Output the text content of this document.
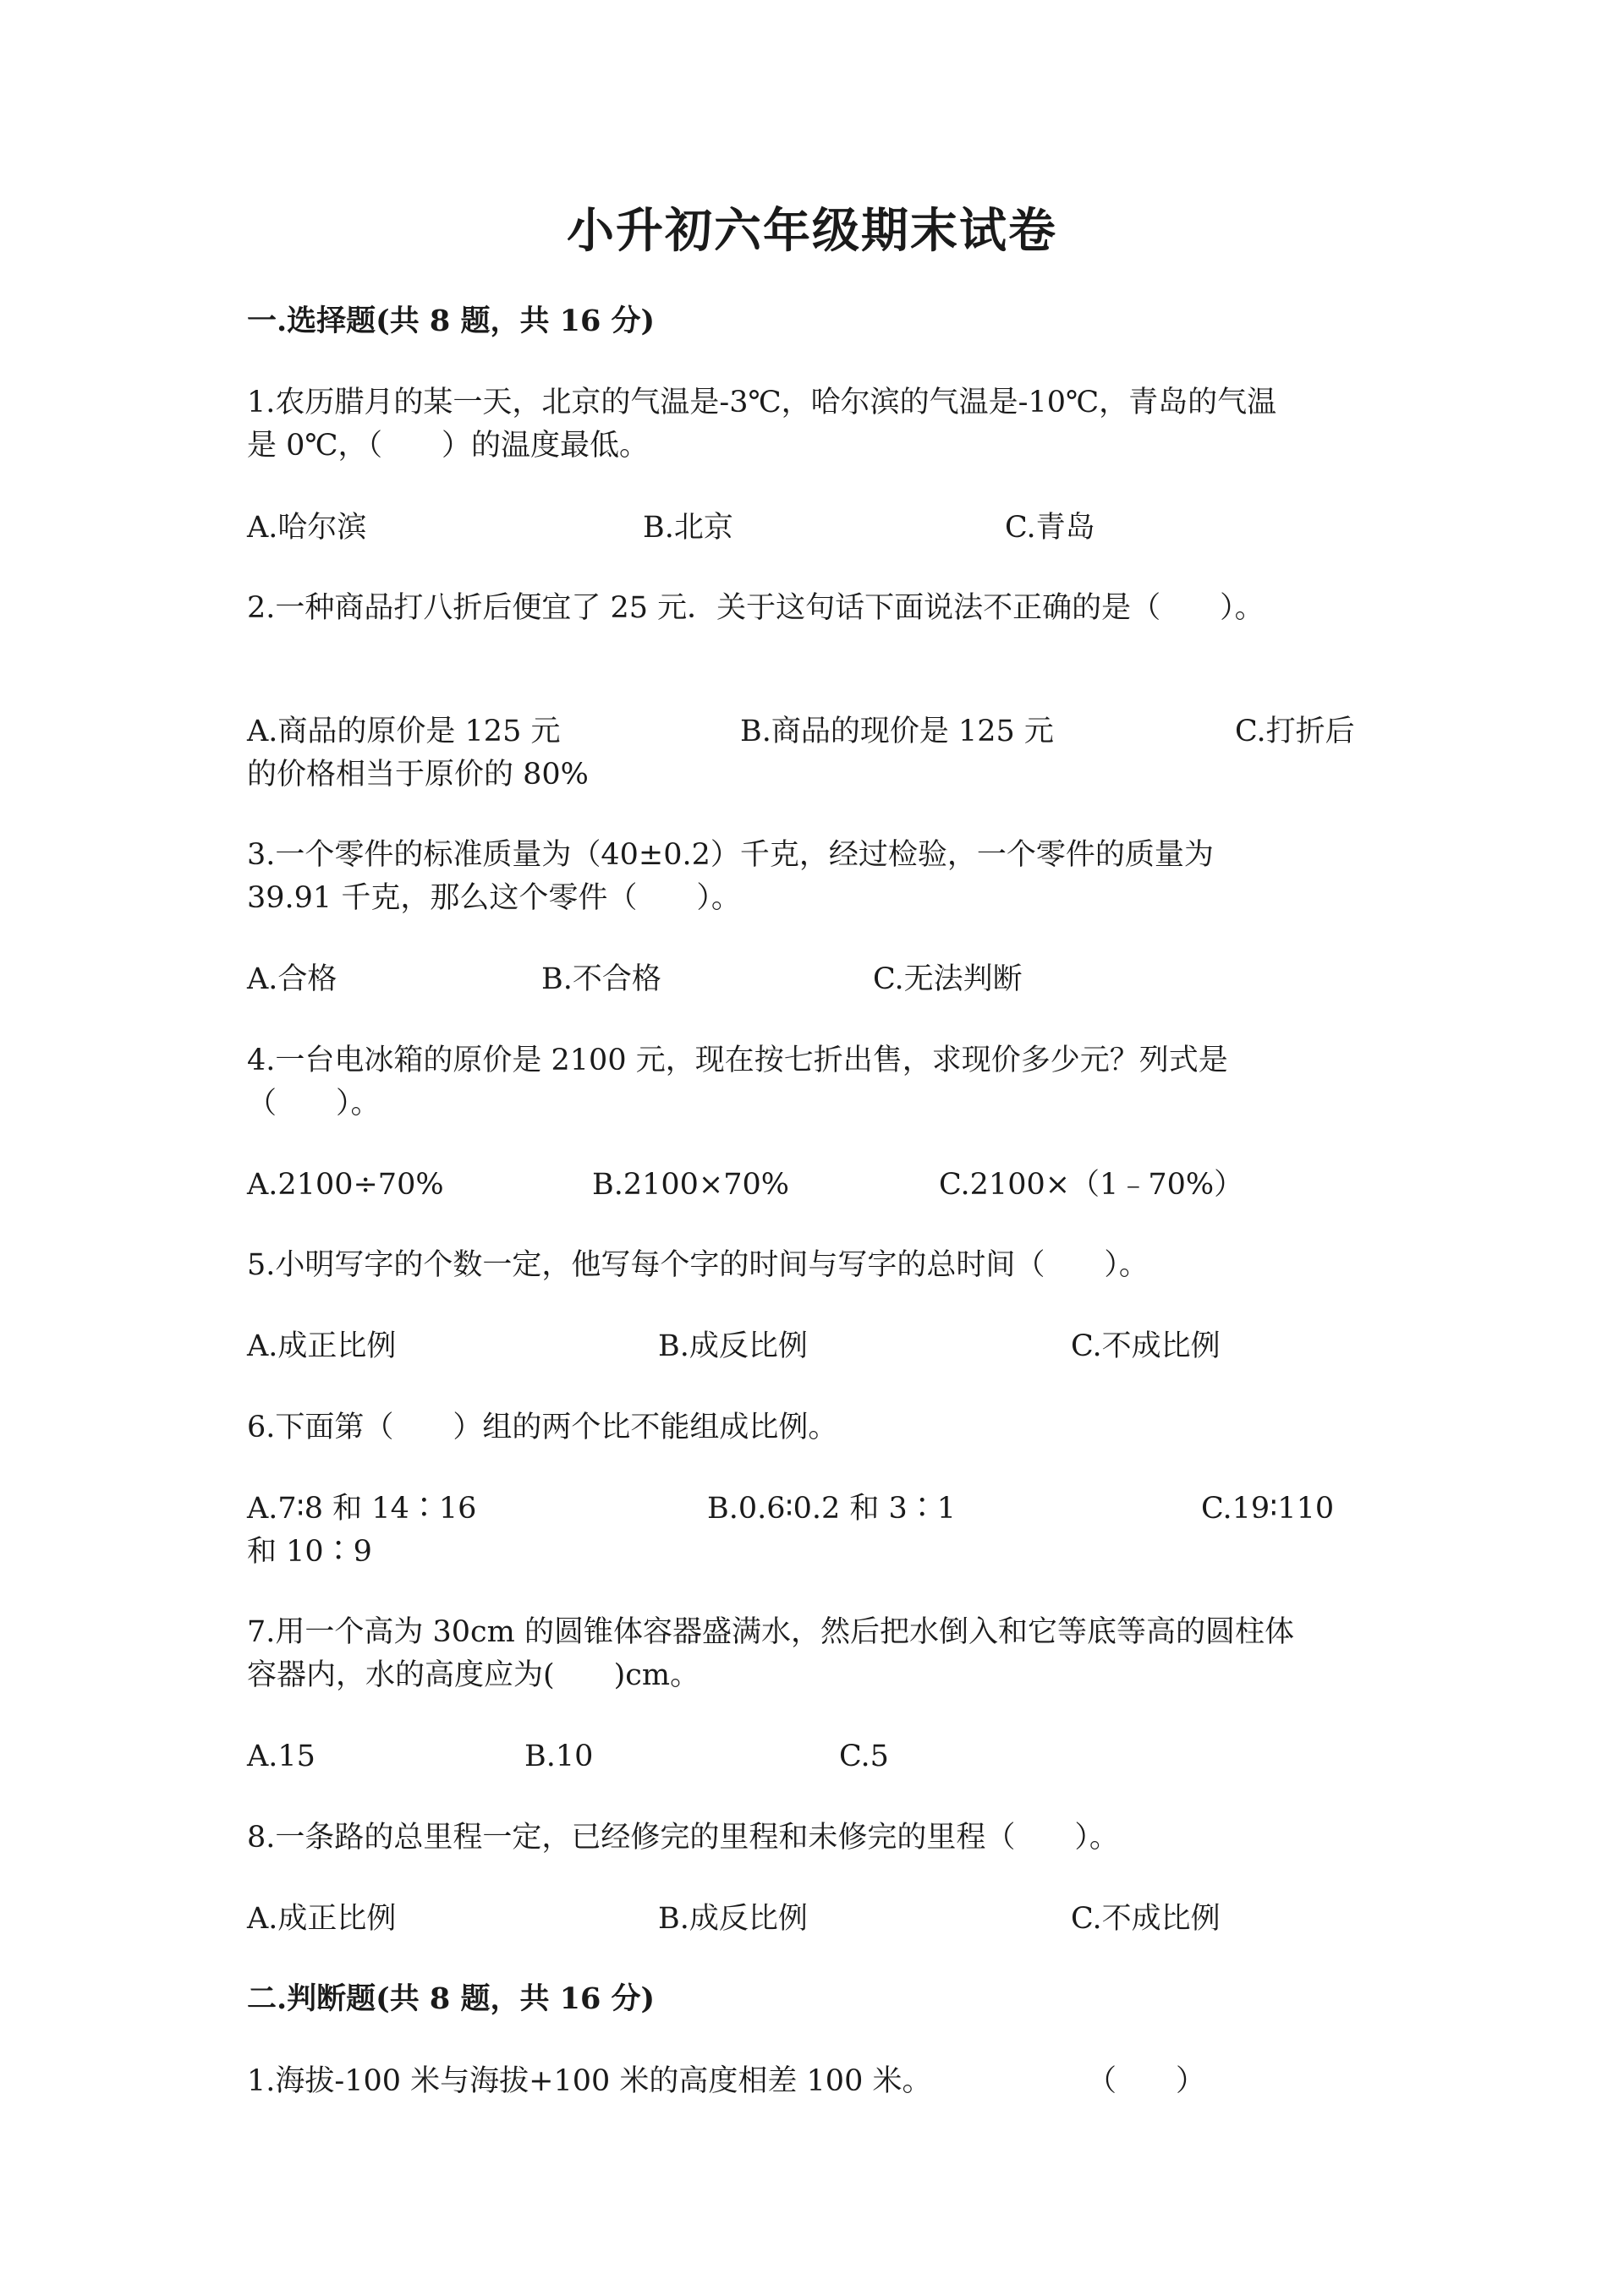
小升初六年级期末试卷
一.选择题(共 8 题，共 16 分)
1.农历腊月的某一天，北京的气温是-3℃，哈尔滨的气温是-10℃，青岛的气温
是 0℃，（　　）的温度最低。
A.哈尔滨	B.北京	C.青岛
2.一种商品打八折后便宜了 25 元．关于这句话下面说法不正确的是（　　）。
A.商品的原价是 125 元	B.商品的现价是 125 元	C.打折后
的价格相当于原价的 80%
3.一个零件的标准质量为（40±0.2）千克，经过检验，一个零件的质量为
39.91 千克，那么这个零件（　　）。
A.合格	B.不合格	C.无法判断
4.一台电冰箱的原价是 2100 元，现在按七折出售，求现价多少元？列式是
（　　）。
A.2100÷70%	B.2100×70%	C.2100×（1﹣70%）
5.小明写字的个数一定，他写每个字的时间与写字的总时间（　　）。
A.成正比例	B.成反比例	C.不成比例
6.下面第（　　）组的两个比不能组成比例。
A.7∶8 和 14∶16	B.0.6∶0.2 和 3∶1	C.19∶110
和 10∶9
7.用一个高为 30cm 的圆锥体容器盛满水，然后把水倒入和它等底等高的圆柱体
容器内，水的高度应为(　　)cm。
A.15	B.10	C.5
8.一条路的总里程一定，已经修完的里程和未修完的里程（　　）。
A.成正比例	B.成反比例	C.不成比例
二.判断题(共 8 题，共 16 分)
1.海拔-100 米与海拔+100 米的高度相差 100 米。	（　　）
